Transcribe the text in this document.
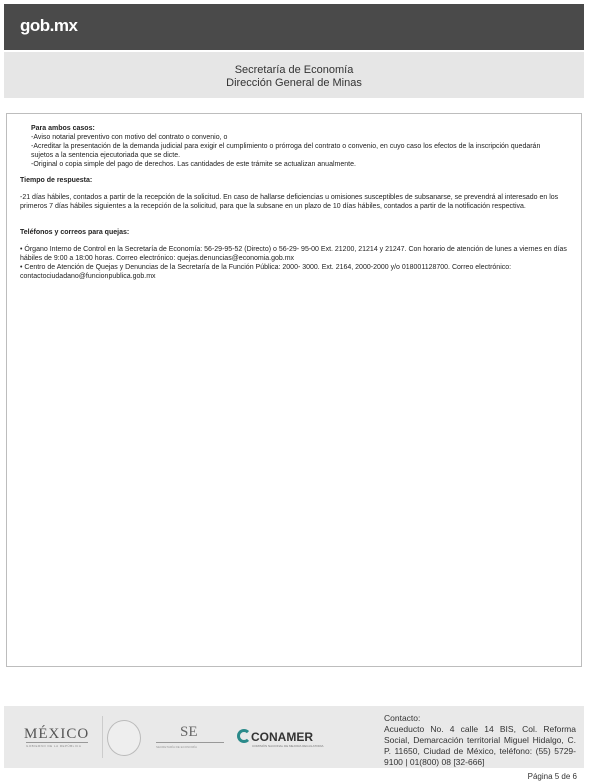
gob.mx
Secretaría de Economía
Dirección General de Minas
Para ambos casos:
-Aviso notarial preventivo con motivo del contrato o convenio, o
-Acreditar la presentación de la demanda judicial para exigir el cumplimiento o prórroga del contrato o convenio, en cuyo caso los efectos de la inscripción quedarán sujetos a la sentencia ejecutoriada que se dicte.
-Original o copia simple del pago de derechos. Las cantidades de este trámite se actualizan anualmente.
Tiempo de respuesta:
-21 días hábiles, contados a partir de la recepción de la solicitud. En caso de hallarse deficiencias u omisiones susceptibles de subsanarse, se prevendrá al interesado en los primeros 7 días hábiles siguientes a la recepción de la solicitud, para que la subsane en un plazo de 10 días hábiles, contados a partir de la notificación respectiva.
Teléfonos y correos para quejas:
• Órgano Interno de Control en la Secretaría de Economía: 56-29-95-52 (Directo) o 56-29- 95-00 Ext. 21200, 21214 y 21247. Con horario de atención de lunes a viernes en días hábiles de 9:00 a 18:00 horas. Correo electrónico: quejas.denuncias@economia.gob.mx
• Centro de Atención de Quejas y Denuncias de la Secretaría de la Función Pública: 2000- 3000. Ext. 2164, 2000-2000 y/o 018001128700. Correo electrónico: contactociudadano@funcionpublica.gob.mx
MÉXICO
GOBIERNO DE LA REPÚBLICA
SE
SECRETARÍA DE ECONOMÍA
CONAMER
COMISIÓN NACIONAL DE MEJORA REGULATORIA
Contacto:
Acueducto No. 4 calle 14 BIS, Col. Reforma Social, Demarcación territorial Miguel Hidalgo, C. P. 11650, Ciudad de México, teléfono: (55) 5729-9100 | 01(800) 08 [32-666]
Página 5 de 6
